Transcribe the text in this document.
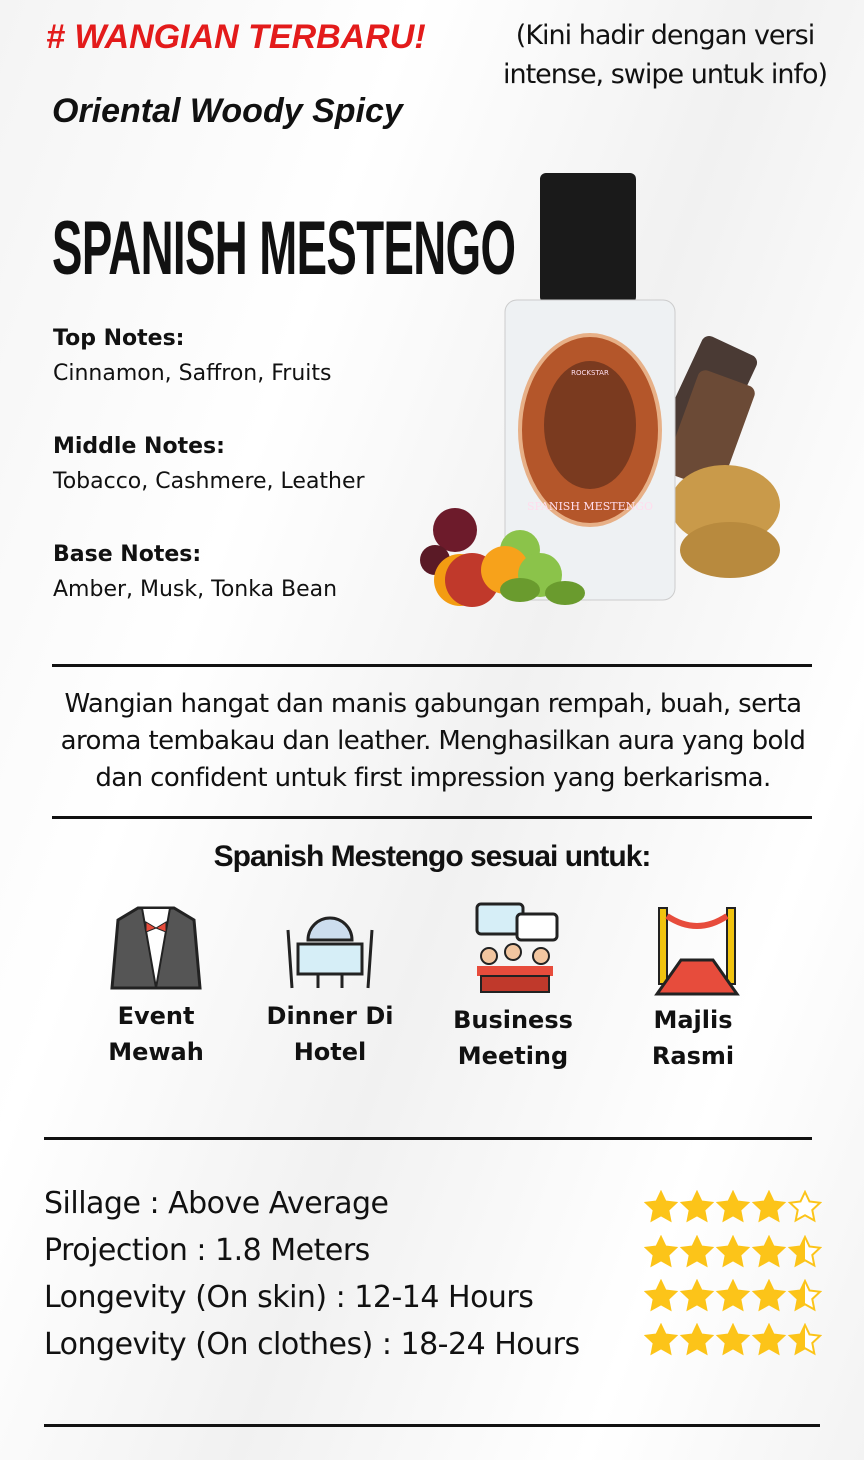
# WANGIAN TERBARU!
Oriental Woody Spicy
(Kini hadir dengan versi intense, swipe untuk info)
ROCKSTAR
SPANISH MESTENGO
SPANISH MESTENGO
Top Notes:
Cinnamon, Saffron, Fruits
Middle Notes:
Tobacco, Cashmere, Leather
Base Notes:
Amber, Musk, Tonka Bean
Wangian hangat dan manis gabungan rempah, buah, serta aroma tembakau dan leather. Menghasilkan aura yang bold dan confident untuk first impression yang berkarisma.
Spanish Mestengo sesuai untuk:
Event Mewah
Dinner Di Hotel
Business Meeting
Majlis Rasmi
Sillage : Above Average
Projection : 1.8 Meters
Longevity (On skin) : 12-14 Hours
Longevity (On clothes) : 18-24 Hours
